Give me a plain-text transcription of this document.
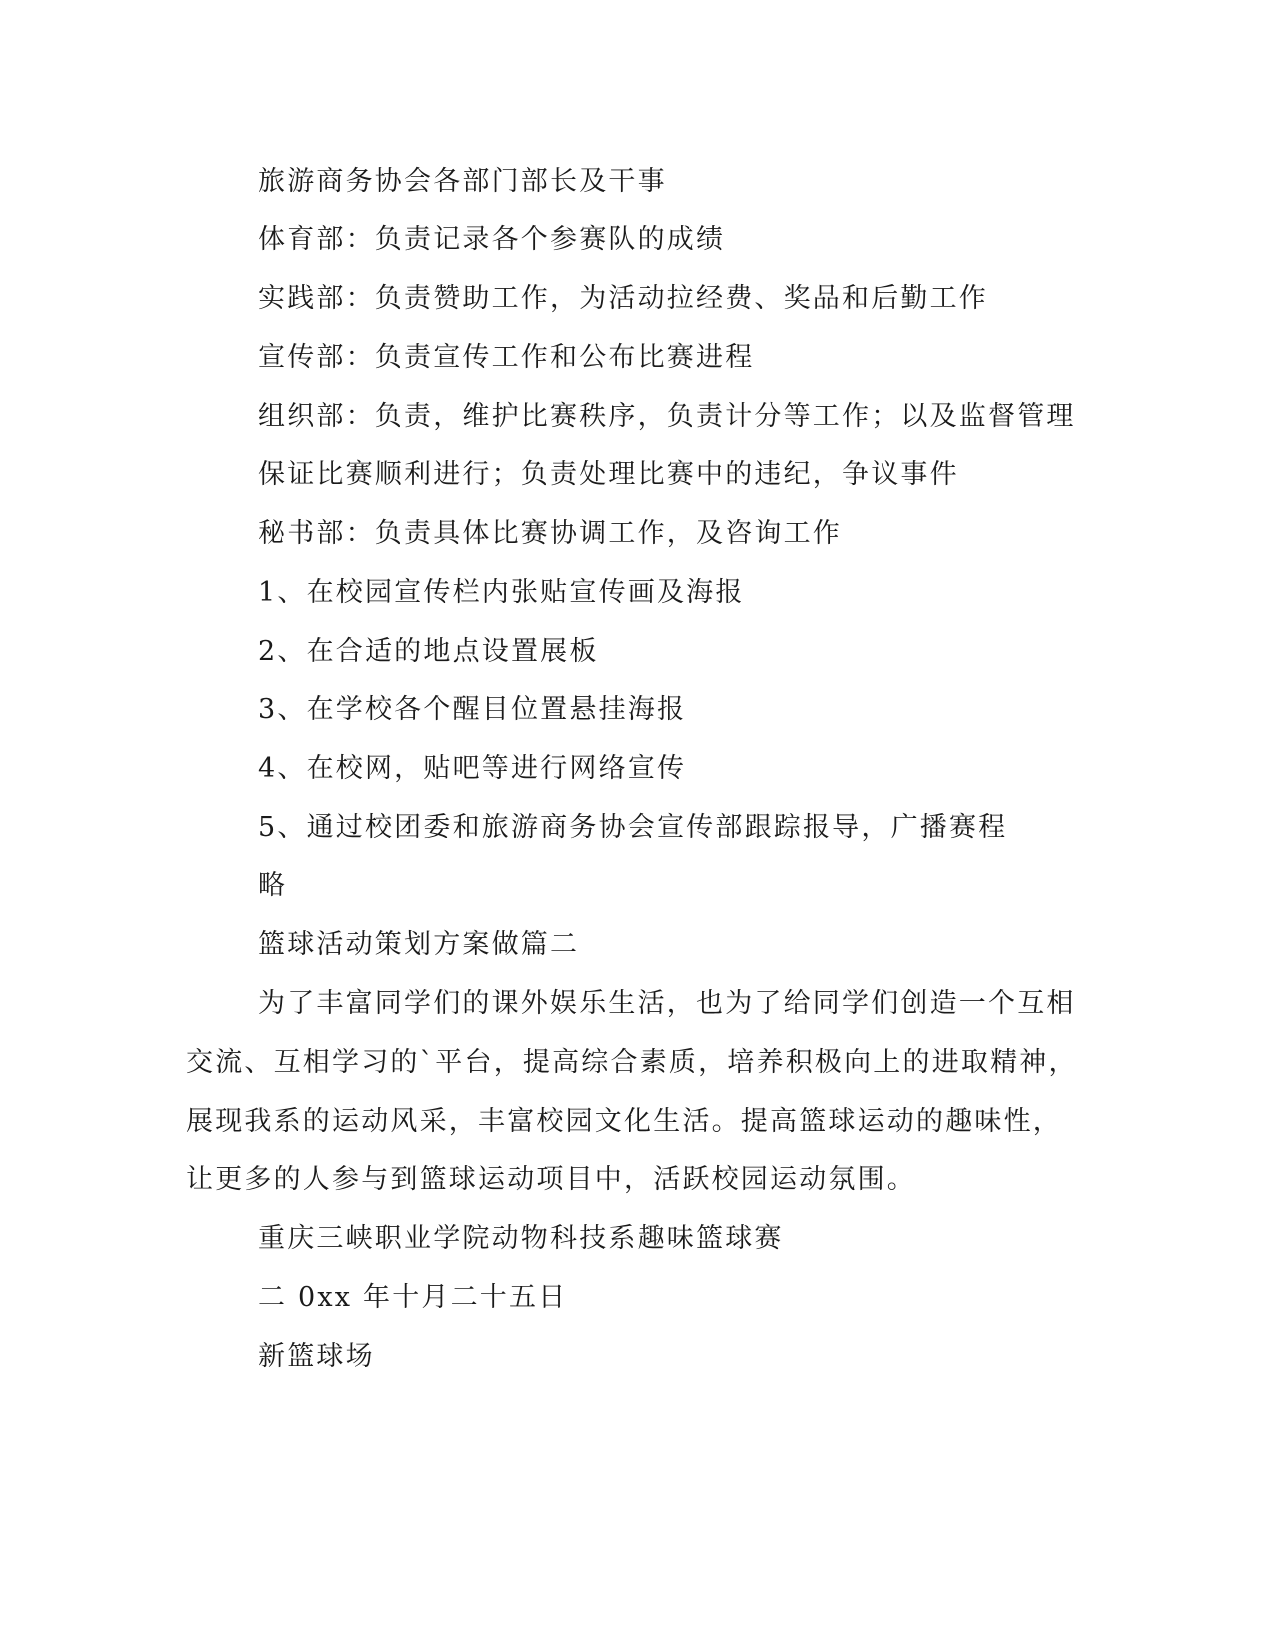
旅游商务协会各部门部长及干事
体育部：负责记录各个参赛队的成绩
实践部：负责赞助工作，为活动拉经费、奖品和后勤工作
宣传部：负责宣传工作和公布比赛进程
组织部：负责，维护比赛秩序，负责计分等工作；以及监督管理
保证比赛顺利进行；负责处理比赛中的违纪，争议事件
秘书部：负责具体比赛协调工作，及咨询工作
1、在校园宣传栏内张贴宣传画及海报
2、在合适的地点设置展板
3、在学校各个醒目位置悬挂海报
4、在校网，贴吧等进行网络宣传
5、通过校团委和旅游商务协会宣传部跟踪报导，广播赛程
略
篮球活动策划方案做篇二
为了丰富同学们的课外娱乐生活，也为了给同学们创造一个互相
交流、互相学习的`平台，提高综合素质，培养积极向上的进取精神，
展现我系的运动风采，丰富校园文化生活。提高篮球运动的趣味性，
让更多的人参与到篮球运动项目中，活跃校园运动氛围。
重庆三峡职业学院动物科技系趣味篮球赛
二 0xx 年十月二十五日
新篮球场
